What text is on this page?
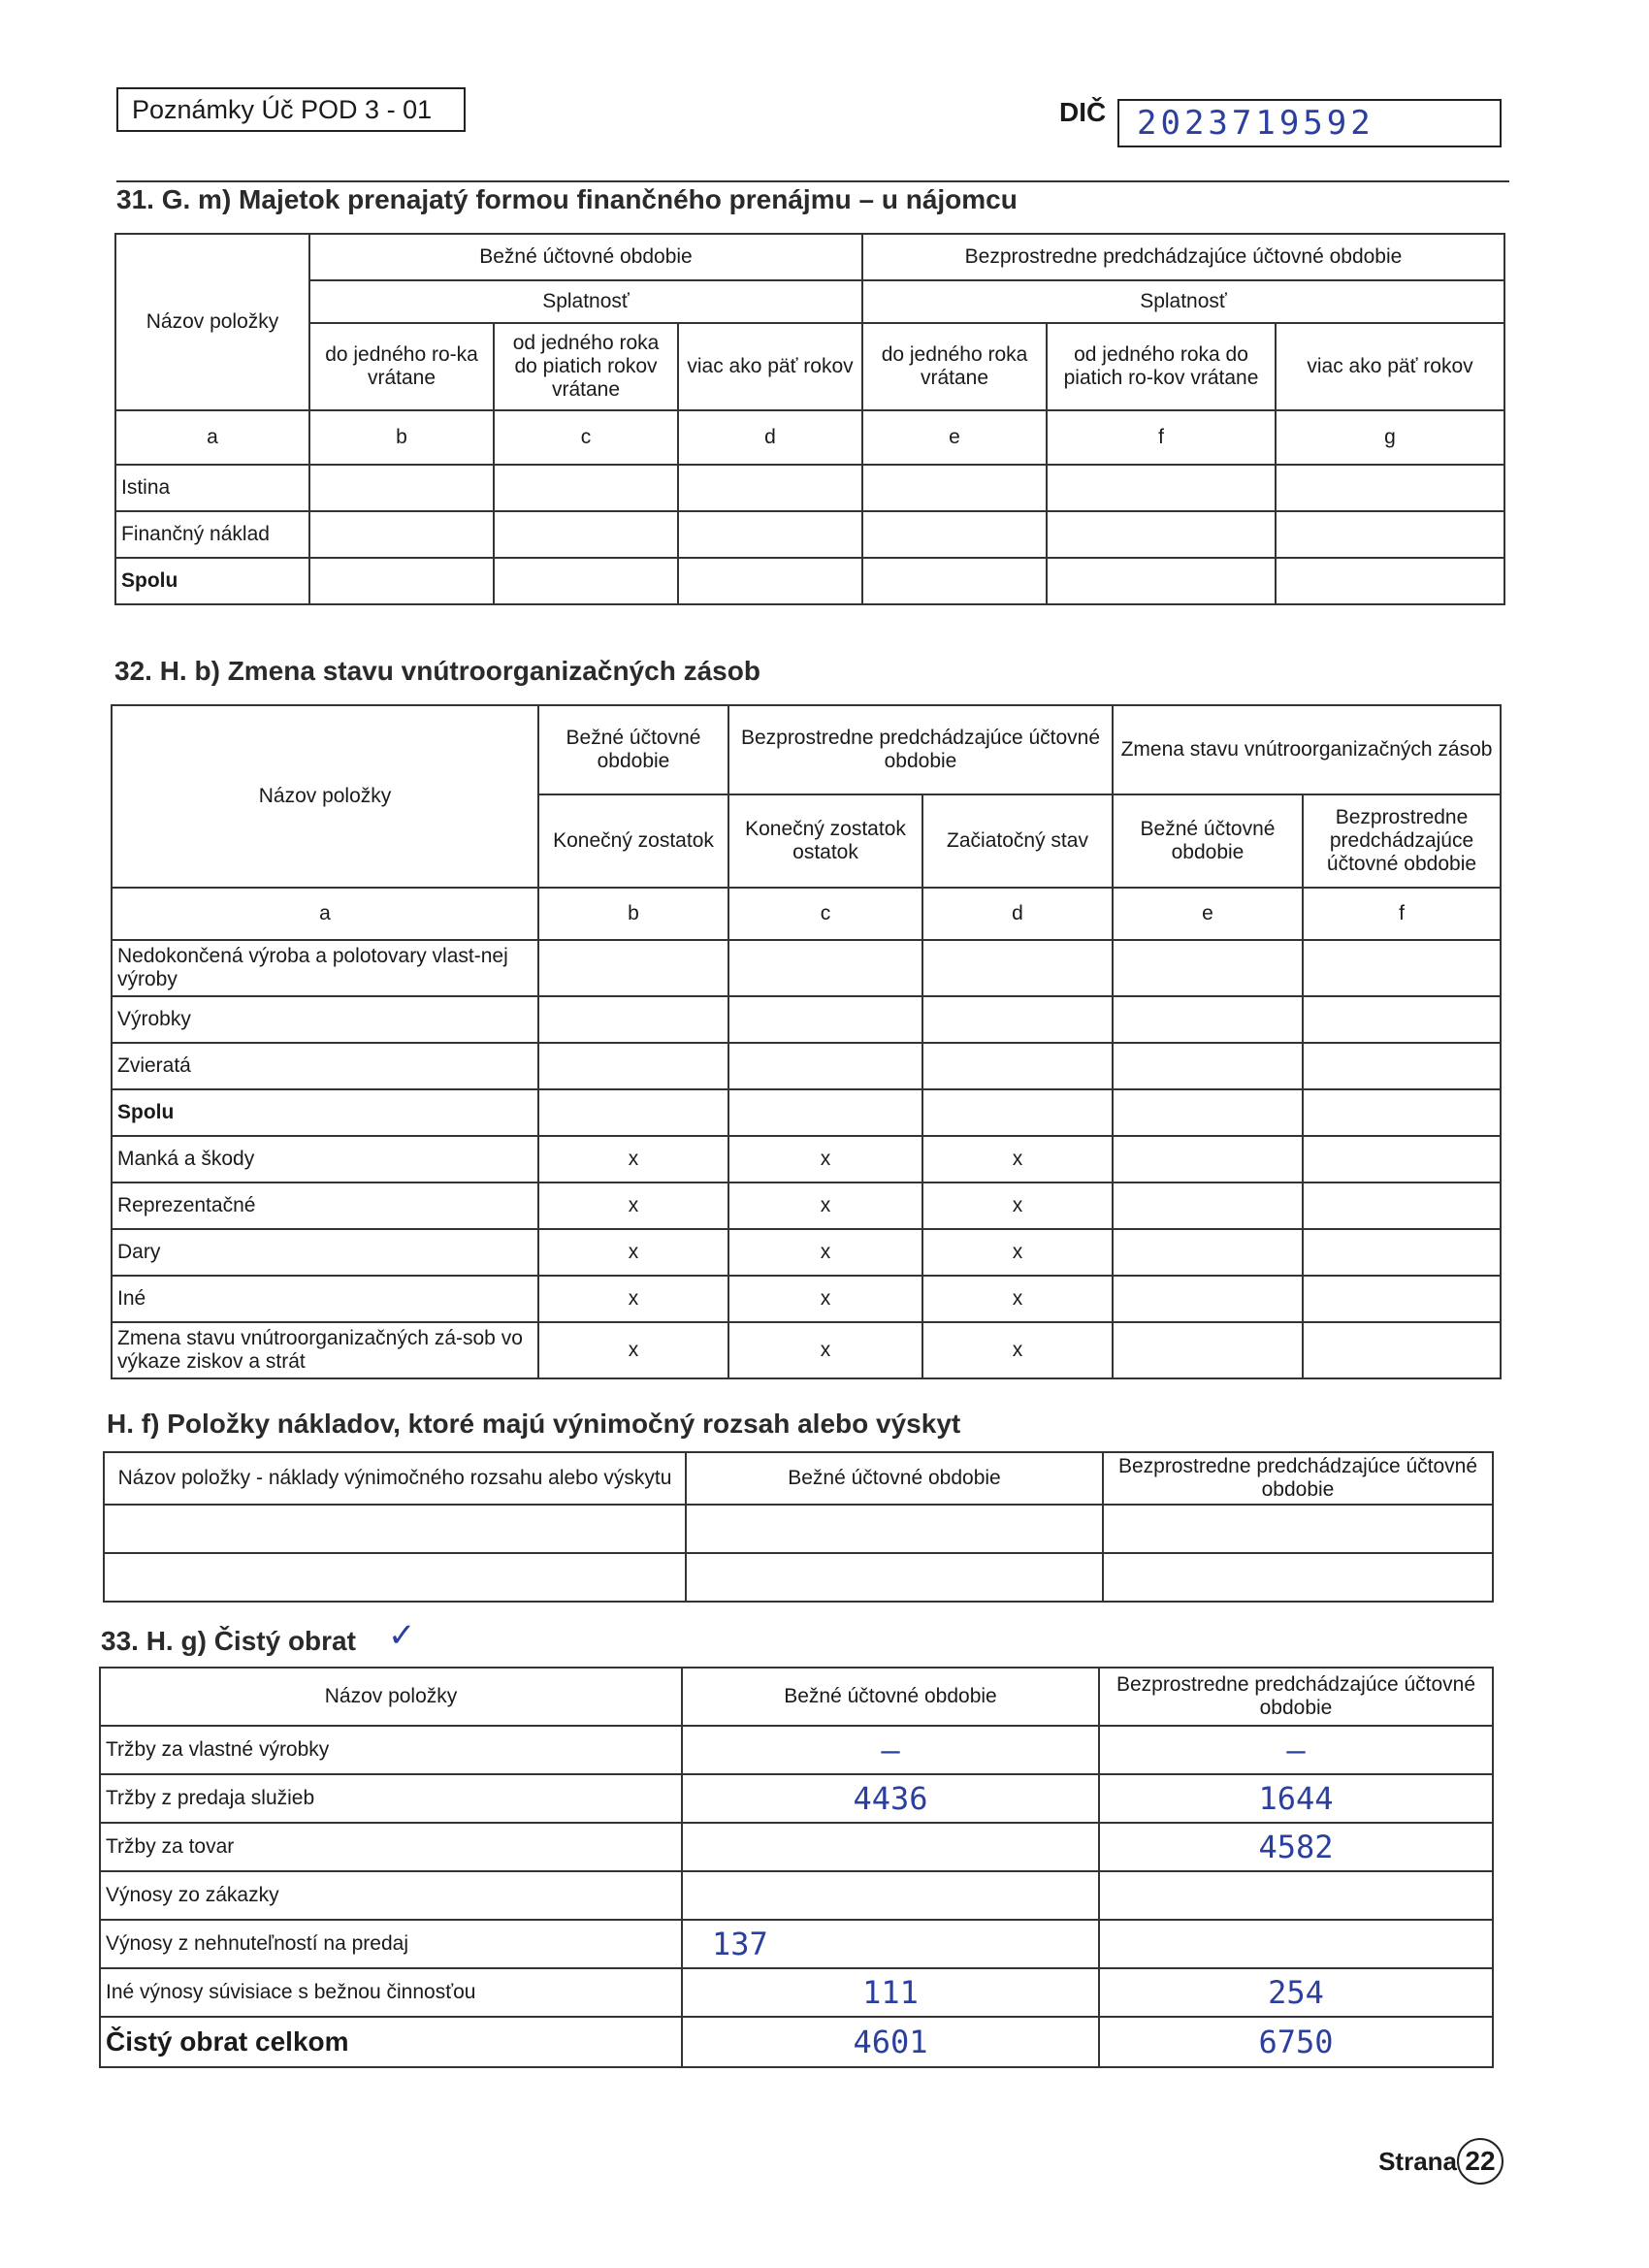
Poznámky Úč POD 3 - 01	DIČ 2023719592
31. G. m) Majetok prenajatý formou finančného prenájmu – u nájomcu
Názov položky	Bežné účtovné obdobie			Bezprostredne predchádzajúce účtovné obdobie		
	Splatnosť			Splatnosť		
	do jedného ro-ka vrátane	od jedného roka do piatich rokov vrátane	viac ako päť rokov	do jedného roka vrátane	od jedného roka do piatich ro-kov vrátane	viac ako päť rokov
a	b	c	d	e	f	g
Istina						
Finančný náklad						
Spolu						
32. H. b) Zmena stavu vnútroorganizačných zásob
Názov položky	Bežné účtovné obdobie	Bezprostredne predchádzajúce účtovné obdobie		Zmena stavu vnútroorganizačných zásob	
	Konečný zostatok	Konečný zostatok ostatok	Začiatočný stav	Bežné účtovné obdobie	Bezprostredne predchádzajúce účtovné obdobie
a	b	c	d	e	f
Nedokončená výroba a polotovary vlast-nej výroby					
Výrobky					
Zvieratá					
Spolu					
Manká a škody	x	x	x		
Reprezentačné	x	x	x		
Dary	x	x	x		
Iné	x	x	x		
Zmena stavu vnútroorganizačných zá-sob vo výkaze ziskov a strát	x	x	x		
H. f) Položky nákladov, ktoré majú výnimočný rozsah alebo výskyt
Názov položky - náklady výnimočného rozsahu alebo výskytu	Bežné účtovné obdobie	Bezprostredne predchádzajúce účtovné obdobie

33. H. g) Čistý obrat ✓
Názov položky	Bežné účtovné obdobie	Bezprostredne predchádzajúce účtovné obdobie
Tržby za vlastné výrobky	–	–
Tržby z predaja služieb	4436	1644
Tržby za tovar		4582
Výnosy zo zákazky		
Výnosy z nehnuteľností na predaj	137	
Iné výnosy súvisiace s bežnou činnosťou	111	254
Čistý obrat celkom	4601	6750
Strana 22
